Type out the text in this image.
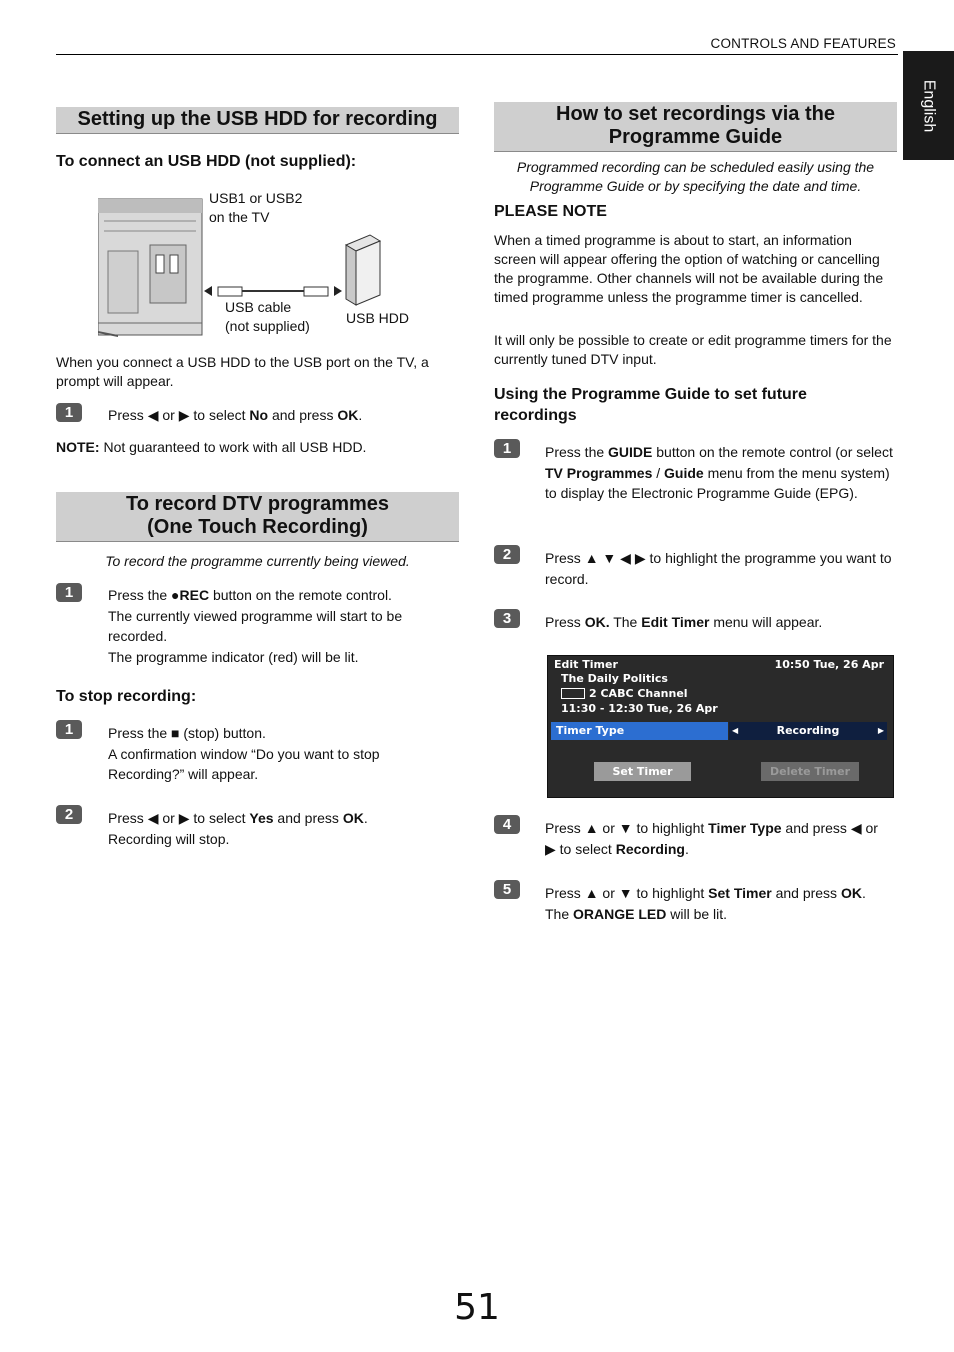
CONTROLS AND FEATURES
English
Setting up the USB HDD for recording
To connect an USB HDD (not supplied):
USB1 or USB2
on the TV
USB cable
(not supplied)	USB HDD
When you connect a USB HDD to the USB port on the TV, a prompt will appear.
1	Press ◀ or ▶ to select No and press OK.
NOTE: Not guaranteed to work with all USB HDD.
To record DTV programmes
(One Touch Recording)
To record the programme currently being viewed.
1	Press the ●REC button on the remote control.
The currently viewed programme will start to be recorded.
The programme indicator (red) will be lit.
To stop recording:
1	Press the ■ (stop) button.
A confirmation window “Do you want to stop Recording?” will appear.
2	Press ◀ or ▶ to select Yes and press OK.
Recording will stop.
How to set recordings via the
Programme Guide
Programmed recording can be scheduled easily using the
Programme Guide or by specifying the date and time.
PLEASE NOTE
When a timed programme is about to start, an information screen will appear offering the option of watching or cancelling the programme. Other channels will not be available during the timed programme unless the programme timer is cancelled.
It will only be possible to create or edit programme timers for the currently tuned DTV input.
Using the Programme Guide to set future
recordings
1	Press the GUIDE button on the remote control (or select TV Programmes / Guide menu from the menu system) to display the Electronic Programme Guide (EPG).
2	Press ▲ ▼ ◀ ▶ to highlight the programme you want to record.
3	Press OK. The Edit Timer menu will appear.
Edit Timer	10:50 Tue, 26 Apr
The Daily Politics
2 CABC Channel
11:30 - 12:30 Tue, 26 Apr
Timer Type	◀	Recording	▶
Set Timer	Delete Timer
4	Press ▲ or ▼ to highlight Timer Type and press ◀ or
▶ to select Recording.
5	Press ▲ or ▼ to highlight Set Timer and press OK.
The ORANGE LED will be lit.
51
